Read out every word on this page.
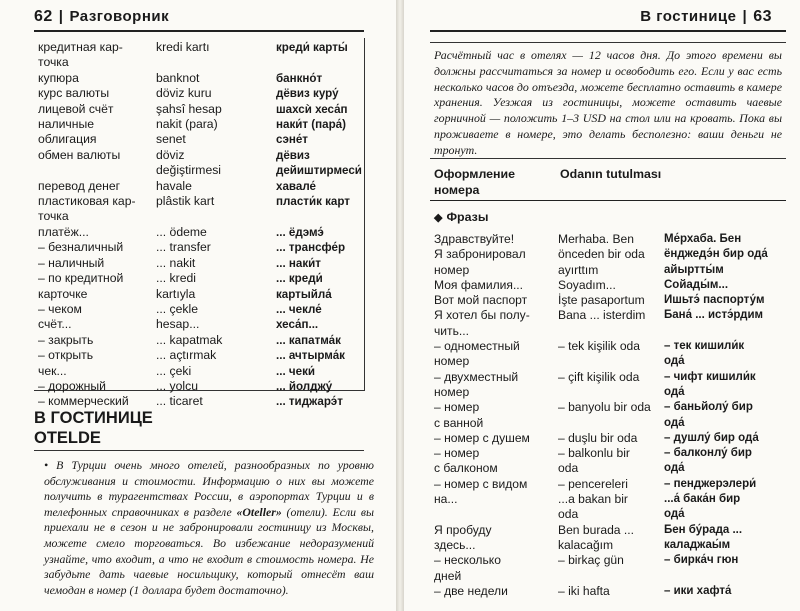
62 | Разговорник
кредитная кар-	kredi kartı	креди́ карты́
точка		
купюра	banknot	банкно́т
курс валюты	döviz kuru	дёвиз куру́
лицевой счёт	şahsî hesap	шахсѝ хеса́п
наличные	nakit (para)	наки́т (пара́)
облигация	senet	сэне́т
обмен валюты	döviz	дёвиз
	değiştirmesi	дейиштирмеси́
перевод денег	havale	хавале́
пластиковая кар-	plâstik kart	пласти́к карт
точка		
платёж...	... ödeme	... ёдэмэ́
– безналичный	... transfer	... трансфе́р
– наличный	... nakit	... наки́т
– по кредитной	... kredi	... креди́
карточке	kartıyla	картыйла́
– чеком	... çekle	... чекле́
счёт...	hesap...	хеса́п...
– закрыть	... kapatmak	... капатма́к
– открыть	... açtırmak	... ачтырма́к
чек...	... çeki	... чеки́
– дорожный	... yolcu	... йолджу́
– коммерческий	... ticaret	... тиджарэ́т
В ГОСТИНИЦЕ
OTELDE
• В Турции очень много отелей, разнообразных по уровню обслуживания и стоимости. Информацию о них вы можете получить в турагентствах России, в аэропортах Турции и в телефонных справочниках в разделе «Oteller» (отели). Если вы приехали не в сезон и не забронировали гостиницу из Москвы, можете смело торговаться. Во избежание недоразумений узнайте, что входит, а что не входит в стоимость номера. Не забудьте дать чаевые носильщику, который отнесёт ваш чемодан в номер (1 доллара будет достаточно).
В гостинице | 63
Расчётный час в отелях — 12 часов дня. До этого времени вы должны рассчитаться за номер и освободить его. Если у вас есть несколько часов до отъезда, можете бесплатно оставить в камере хранения. Уезжая из гостиницы, можете оставить чаевые горничной — положить 1–3 USD на стол или на кровать. Пока вы проживаете в номере, это делать бесполезно: ваши деньги не тронут.
Оформление номера
Odanın tutulması
◆ Фразы
Здравствуйте!	Merhaba. Ben	Ме́рхаба. Бен
Я забронировал	önceden bir oda	ёнджедэ́н бир ода́
номер	ayırttım	айыртты́м
Моя фамилия...	Soyadım...	Сойады́м...
Вот мой паспорт	İşte pasaportum	Ишьтэ́ паспорту́м
Я хотел бы полу-	Bana ... isterdim	Бана́ ... истэ́рдим
чить...		
– одноместный	– tek kişilik oda	– тек кишили́к
номер		ода́
– двухместный	– çift kişilik oda	– чифт кишили́к
номер		ода́
– номер	– banyolu bir oda	– баньйолу́ бир
с ванной		ода́
– номер с душем	– duşlu bir oda	– душлу́ бир ода́
– номер	– balkonlu bir	– балконлу́ бир
с балконом	oda	ода́
– номер с видом	– pencereleri	– пенджерэлери́
на...	...a bakan bir	...а́ бака́н бир
	oda	ода́
Я пробуду	Ben burada ...	Бен бу́рада ...
здесь...	kalacağım	каладжаы́м
– несколько	– birkaç gün	– бирка́ч гюн
дней		
– две недели	– iki hafta	– ики хафта́
